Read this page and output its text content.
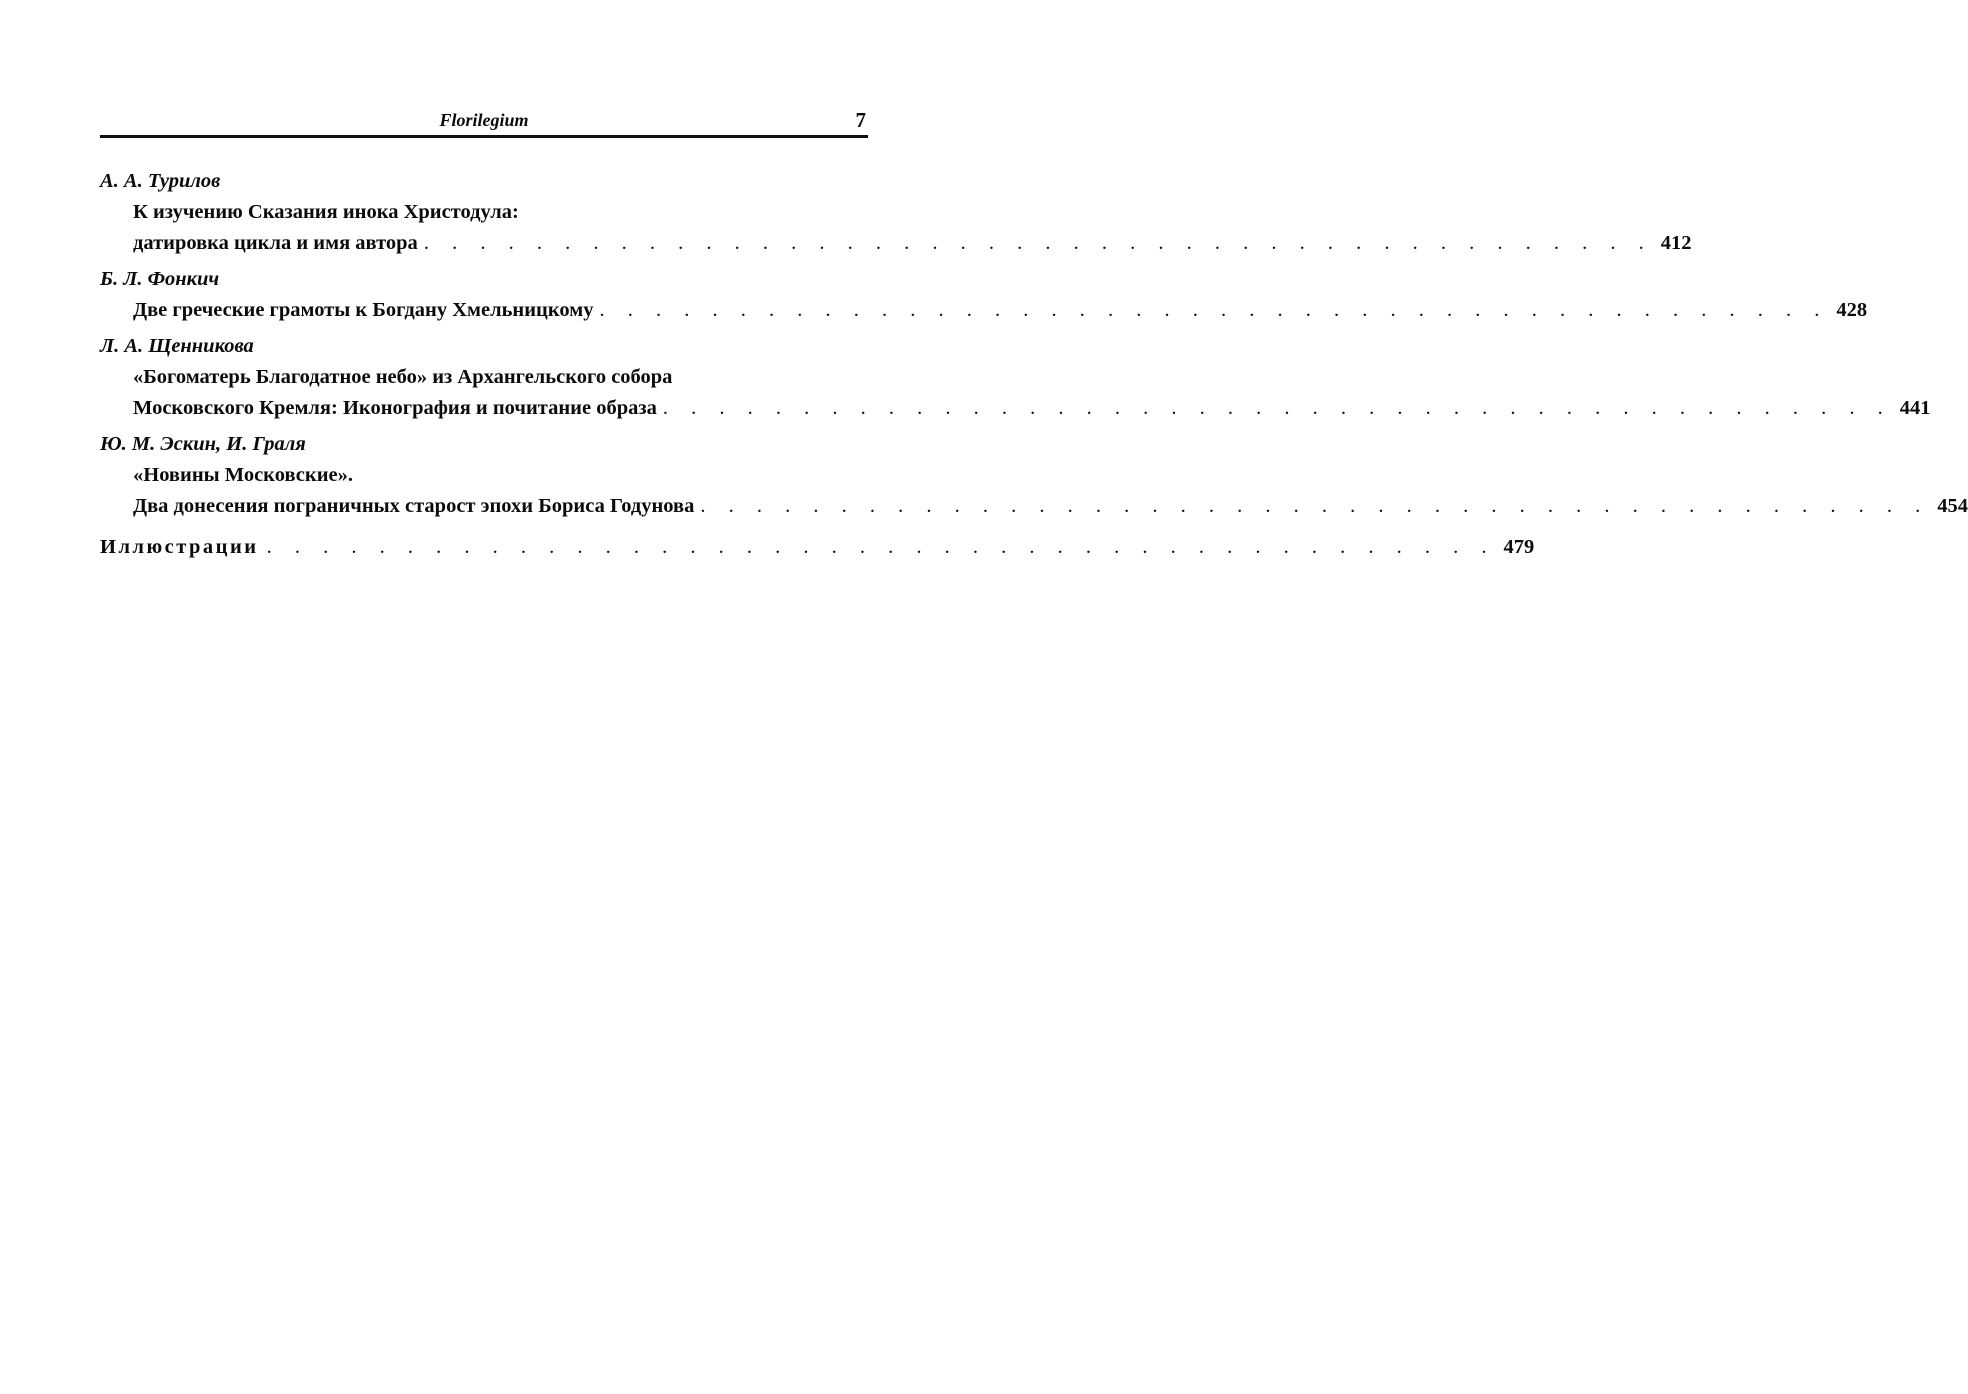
Florilegium	7
А. А. Турилов
К изучению Сказания инока Христодула:
датировка цикла и имя автора . . . . . . . . . . . . . . . . . . . . . . . . . . . . . . . . . . . . . . . . . . . . 412
Б. Л. Фонкич
Две греческие грамоты к Богдану Хмельницкому . . . . . . . . . . . . . . . . . . . . . . . . . . . . . . . . . . . . . . . . . . . . 428
Л. А. Щенникова
«Богоматерь Благодатное небо» из Архангельского собора
Московского Кремля: Иконография и почитание образа . . . . . . . . . . . . . . . . . . . . . . . . . . . . . . . . . . . . . . . . . . . . 441
Ю. М. Эскин, И. Граля
«Новины Московские».
Два донесения пограничных старост эпохи Бориса Годунова . . . . . . . . . . . . . . . . . . . . . . . . . . . . . . . . . . . . . . . . . . . . 454
Иллюстрации . . . . . . . . . . . . . . . . . . . . . . . . . . . . . . . . . . . . . . . . . . . . 479
